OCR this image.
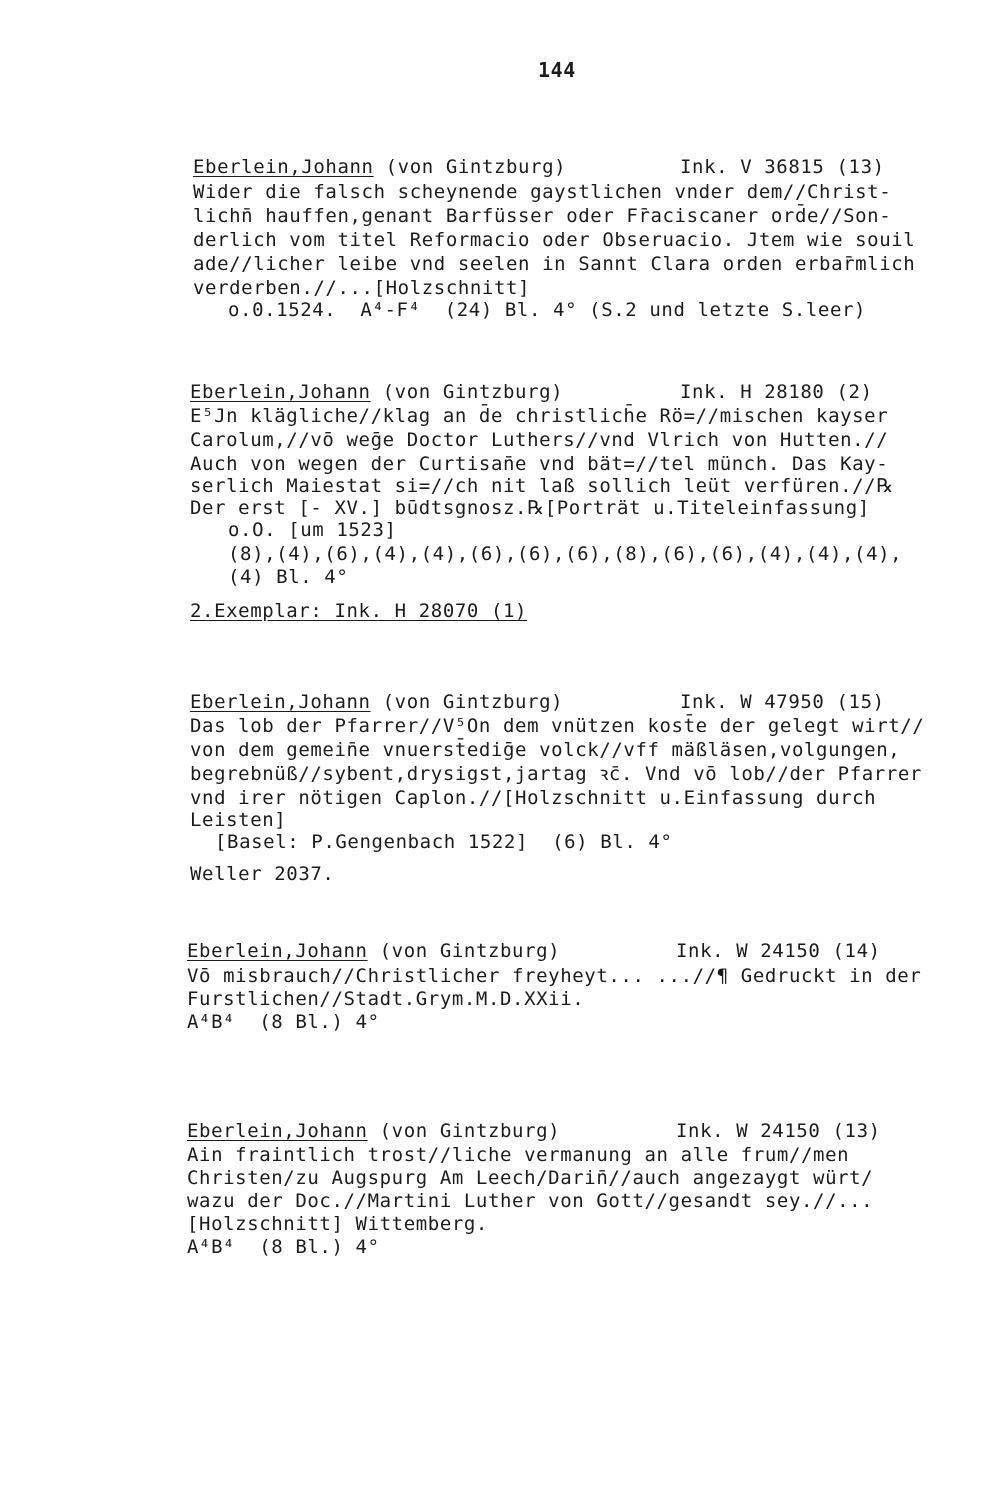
144
Eberlein,Johann (von Gintzburg)	Ink. V 36815 (13)
Wider die falsch scheynende gaystlichen vnder dem//Christ-
lichn̄ hauffen,genant Barfüsser oder Fr̄aciscaner ord̄e//Son-
derlich vom titel Reformacio oder Obseruacio. Jtem wie souil
ade//licher leibe vnd seelen in Sannt Clara orden erbar̄mlich
verderben.//...[Holzschnitt]
o.0.1524.  A⁴-F⁴  (24) Bl. 4° (S.2 und letzte S.leer)
Eberlein,Johann (von Gintzburg)	Ink. H 28180 (2)
E⁵Jn klägliche//klag an d̄e christlich̄e Rö=//mischen kayser
Carolum,//vō weḡe Doctor Luthers//vnd Vlrich von Hutten.//
Auch von wegen der Curtisan̄e vnd bät=//tel münch. Das Kay-
serlich Maiestat si=//ch nit laß sollich leüt verfüren.//℞
Der erst [- XV.] būdtsgnosz.℞[Porträt u.Titeleinfassung]
o.O. [um 1523]
(8),(4),(6),(4),(4),(6),(6),(6),(8),(6),(6),(4),(4),(4),
(4) Bl. 4°
2.Exemplar: Ink. H 28070 (1)
Eberlein,Johann (von Gintzburg)	Ink. W 47950 (15)
Das lob der Pfarrer//V⁵On dem vnützen kost̄e der gelegt wirt//
von dem gemein̄e vnuerst̄ediḡe volck//vff mäßläsen,volgungen,
begrebnüß//sybent,drysigst,jartag ꝛc̄. Vnd vō lob//der Pfarrer
vnd irer nötigen Caplon.//[Holzschnitt u.Einfassung durch
Leisten]
[Basel: P.Gengenbach 1522]  (6) Bl. 4°
Weller 2037.
Eberlein,Johann (von Gintzburg)	Ink. W 24150 (14)
Vō misbrauch//Christlicher freyheyt... ...//¶ Gedruckt in der
Furstlichen//Stadt.Grym.M.D.XXii.
A⁴B⁴  (8 Bl.) 4°
Eberlein,Johann (von Gintzburg)	Ink. W 24150 (13)
Ain fraintlich trost//liche vermanung an alle frum//men
Christen/zu Augspurg Am Leech/Darin̄//auch angezaygt würt/
wazu der Doc.//Martini Luther von Gott//gesandt sey.//...
[Holzschnitt] Wittemberg.
A⁴B⁴  (8 Bl.) 4°
